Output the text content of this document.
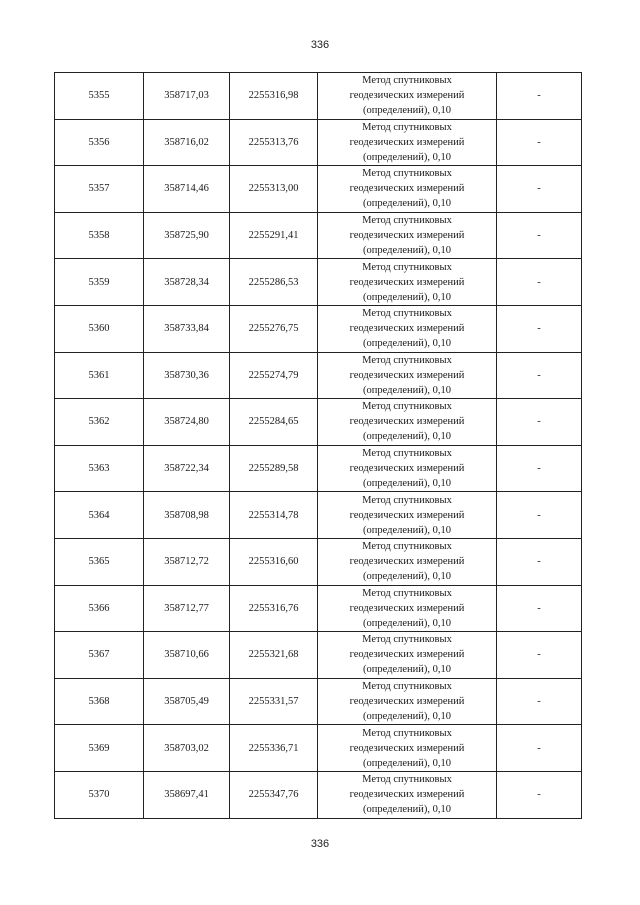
336
5355	358717,03	2255316,98	Метод спутниковых
геодезических измерений
(определений), 0,10	-
5356	358716,02	2255313,76	Метод спутниковых
геодезических измерений
(определений), 0,10	-
5357	358714,46	2255313,00	Метод спутниковых
геодезических измерений
(определений), 0,10	-
5358	358725,90	2255291,41	Метод спутниковых
геодезических измерений
(определений), 0,10	-
5359	358728,34	2255286,53	Метод спутниковых
геодезических измерений
(определений), 0,10	-
5360	358733,84	2255276,75	Метод спутниковых
геодезических измерений
(определений), 0,10	-
5361	358730,36	2255274,79	Метод спутниковых
геодезических измерений
(определений), 0,10	-
5362	358724,80	2255284,65	Метод спутниковых
геодезических измерений
(определений), 0,10	-
5363	358722,34	2255289,58	Метод спутниковых
геодезических измерений
(определений), 0,10	-
5364	358708,98	2255314,78	Метод спутниковых
геодезических измерений
(определений), 0,10	-
5365	358712,72	2255316,60	Метод спутниковых
геодезических измерений
(определений), 0,10	-
5366	358712,77	2255316,76	Метод спутниковых
геодезических измерений
(определений), 0,10	-
5367	358710,66	2255321,68	Метод спутниковых
геодезических измерений
(определений), 0,10	-
5368	358705,49	2255331,57	Метод спутниковых
геодезических измерений
(определений), 0,10	-
5369	358703,02	2255336,71	Метод спутниковых
геодезических измерений
(определений), 0,10	-
5370	358697,41	2255347,76	Метод спутниковых
геодезических измерений
(определений), 0,10	-
336
